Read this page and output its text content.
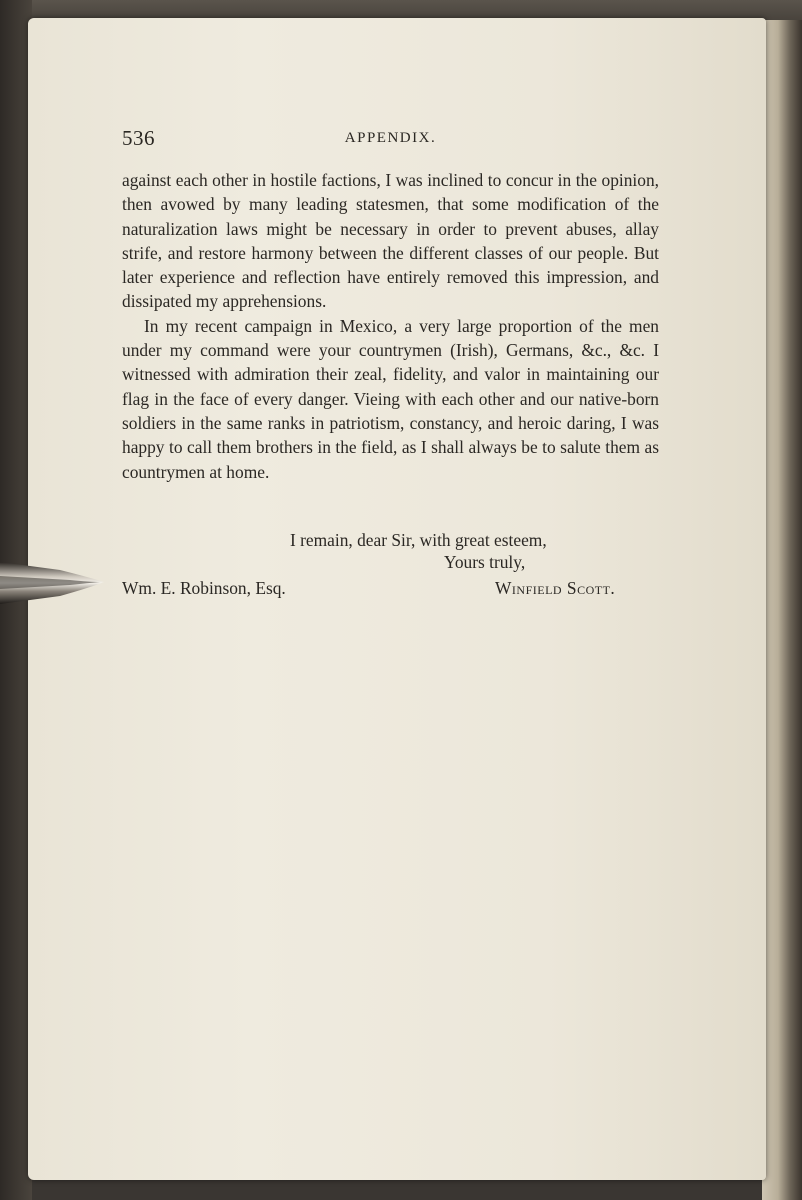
536	APPENDIX.

against each other in hostile factions, I was inclined to concur in the opinion, then avowed by many leading statesmen, that some modification of the naturalization laws might be necessary in order to prevent abuses, allay strife, and restore harmony between the different classes of our people. But later experience and reflection have entirely removed this impression, and dissipated my apprehensions.

In my recent campaign in Mexico, a very large proportion of the men under my command were your countrymen (Irish), Germans, &c., &c. I witnessed with admiration their zeal, fidelity, and valor in maintaining our flag in the face of every danger. Vieing with each other and our native-born soldiers in the same ranks in patriotism, constancy, and heroic daring, I was happy to call them brothers in the field, as I shall always be to salute them as countrymen at home.

I remain, dear Sir, with great esteem,
Yours truly,
Wm. E. Robinson, Esq.	Winfield Scott.
